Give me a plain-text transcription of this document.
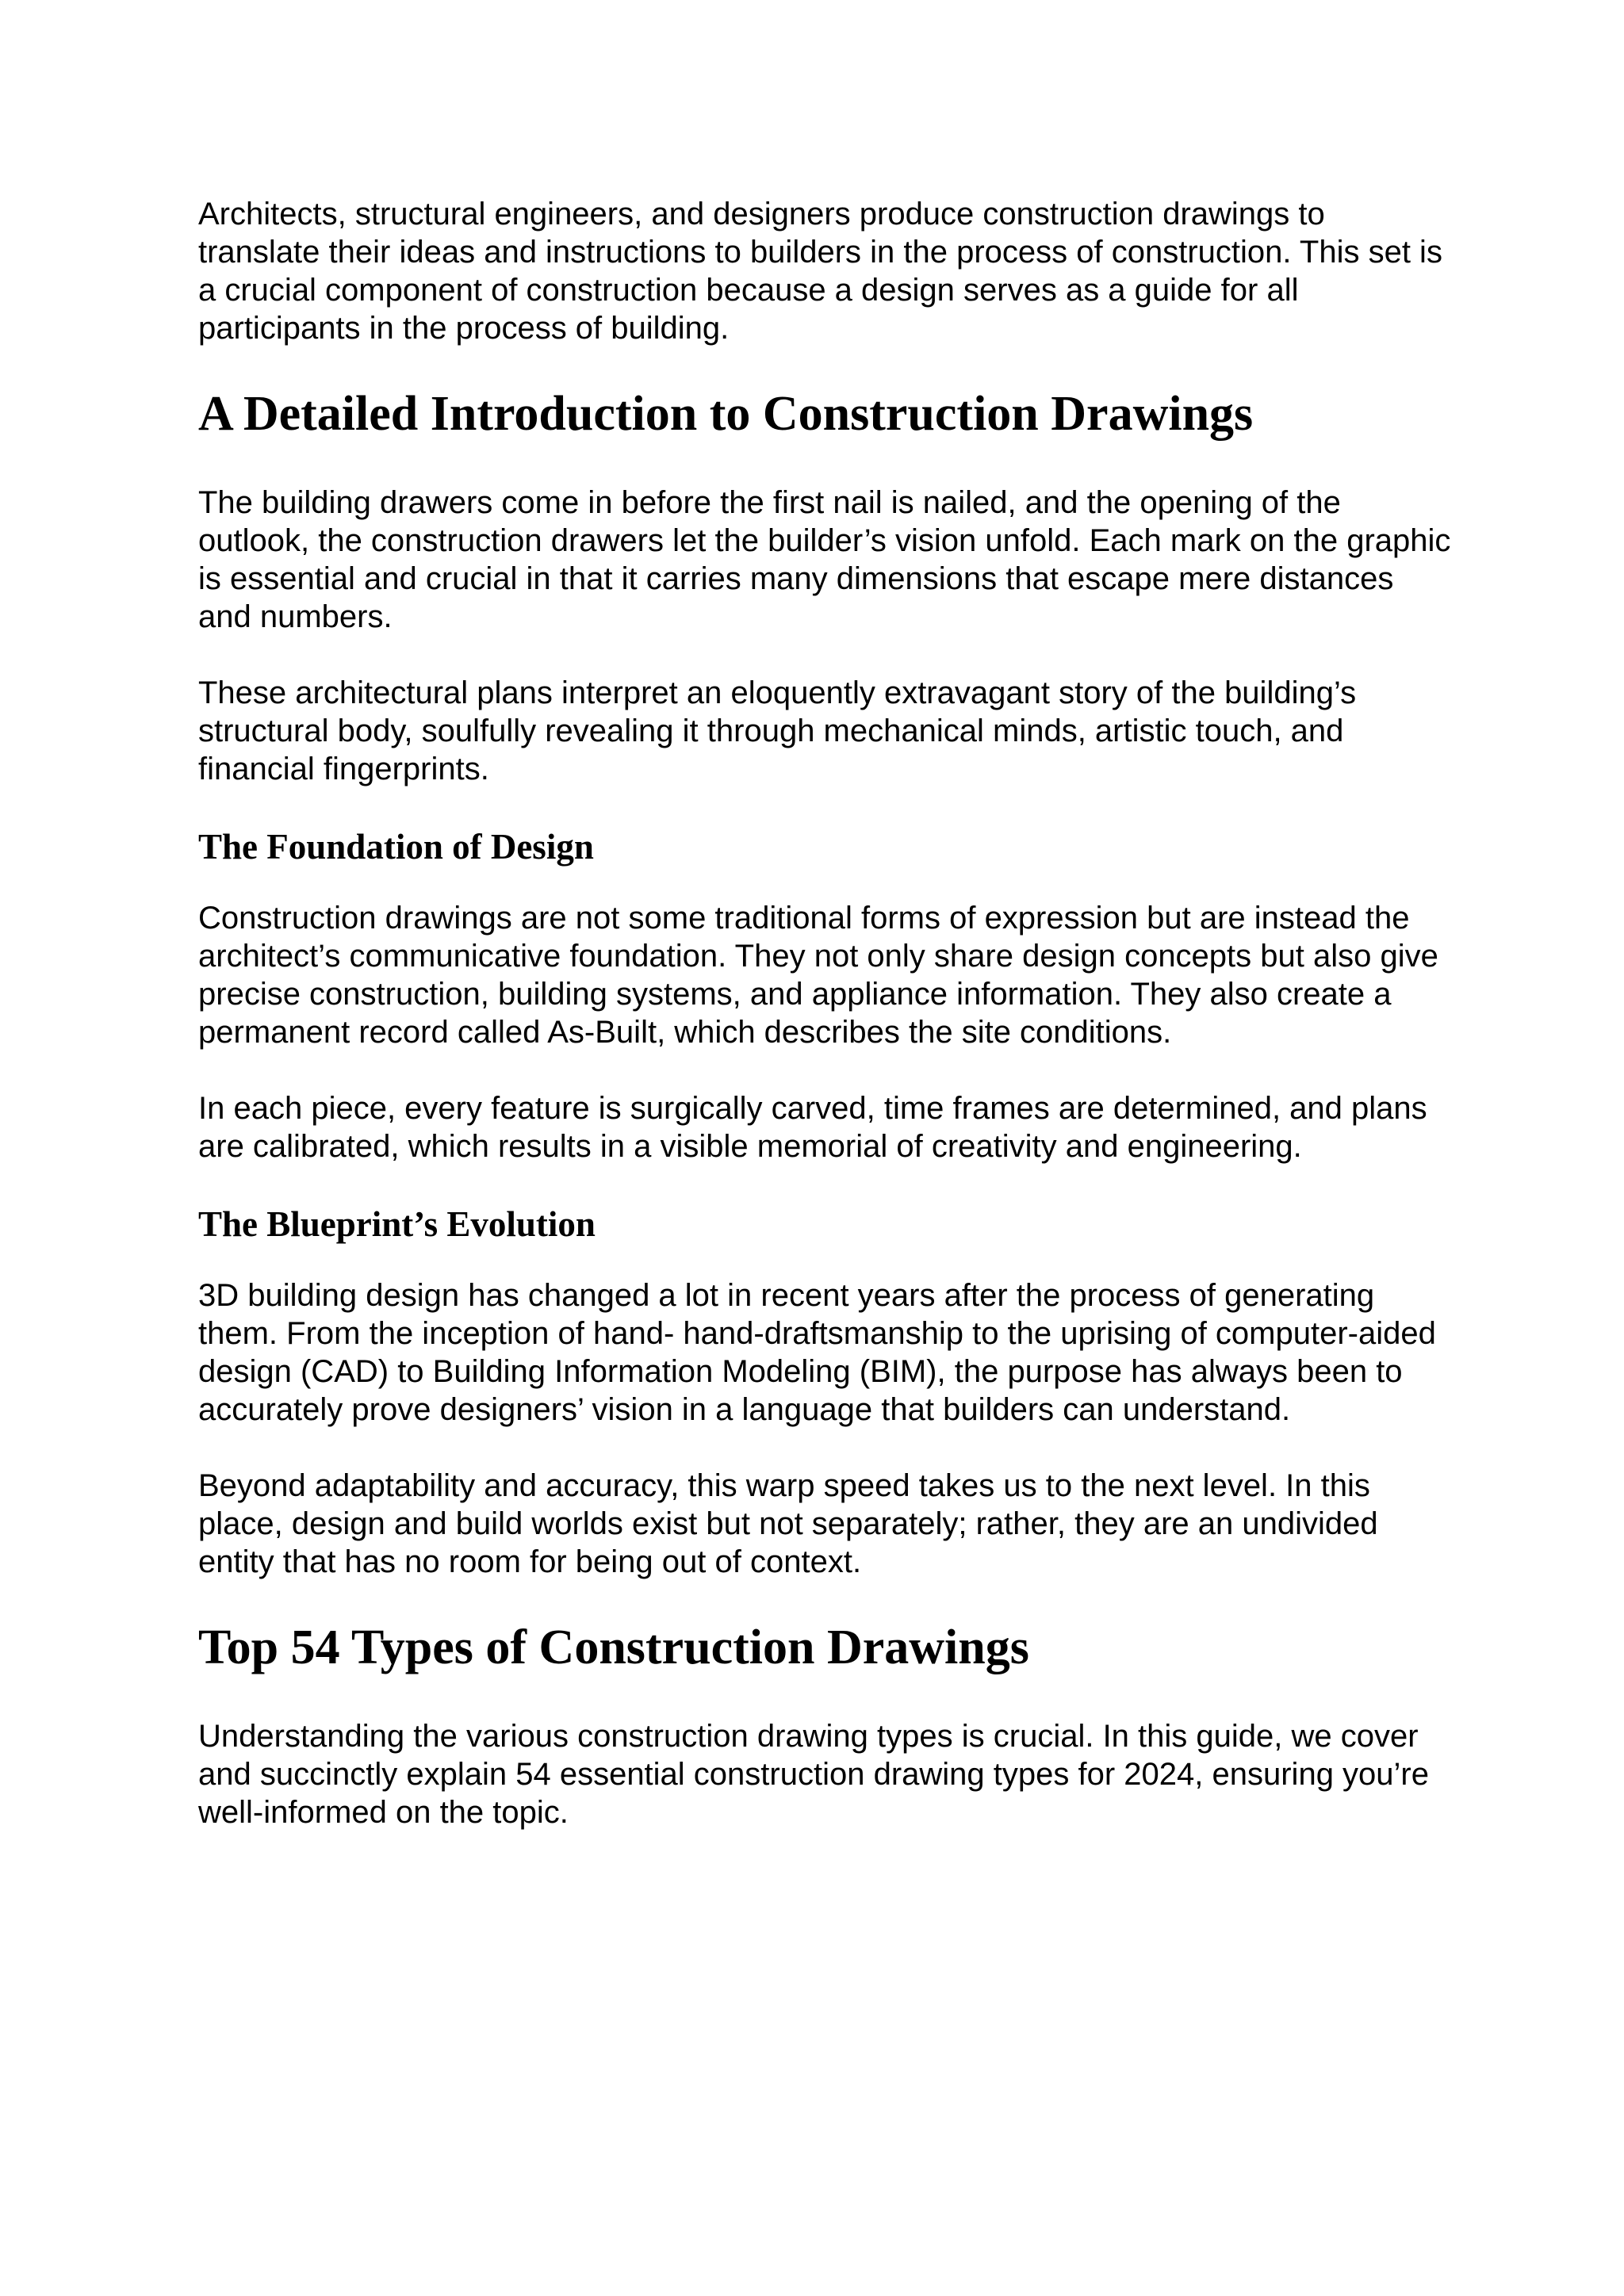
Architects, structural engineers, and designers produce construction drawings to translate their ideas and instructions to builders in the process of construction. This set is a crucial component of construction because a design serves as a guide for all participants in the process of building.

A Detailed Introduction to Construction Drawings

The building drawers come in before the first nail is nailed, and the opening of the outlook, the construction drawers let the builder’s vision unfold. Each mark on the graphic is essential and crucial in that it carries many dimensions that escape mere distances and numbers.

These architectural plans interpret an eloquently extravagant story of the building’s structural body, soulfully revealing it through mechanical minds, artistic touch, and financial fingerprints.

The Foundation of Design

Construction drawings are not some traditional forms of expression but are instead the architect’s communicative foundation. They not only share design concepts but also give precise construction, building systems, and appliance information. They also create a permanent record called As-Built, which describes the site conditions.

In each piece, every feature is surgically carved, time frames are determined, and plans are calibrated, which results in a visible memorial of creativity and engineering.

The Blueprint’s Evolution

3D building design has changed a lot in recent years after the process of generating them. From the inception of hand- hand-draftsmanship to the uprising of computer-aided design (CAD) to Building Information Modeling (BIM), the purpose has always been to accurately prove designers’ vision in a language that builders can understand.

Beyond adaptability and accuracy, this warp speed takes us to the next level. In this place, design and build worlds exist but not separately; rather, they are an undivided entity that has no room for being out of context.

Top 54 Types of Construction Drawings

Understanding the various construction drawing types is crucial. In this guide, we cover and succinctly explain 54 essential construction drawing types for 2024, ensuring you’re well-informed on the topic.
